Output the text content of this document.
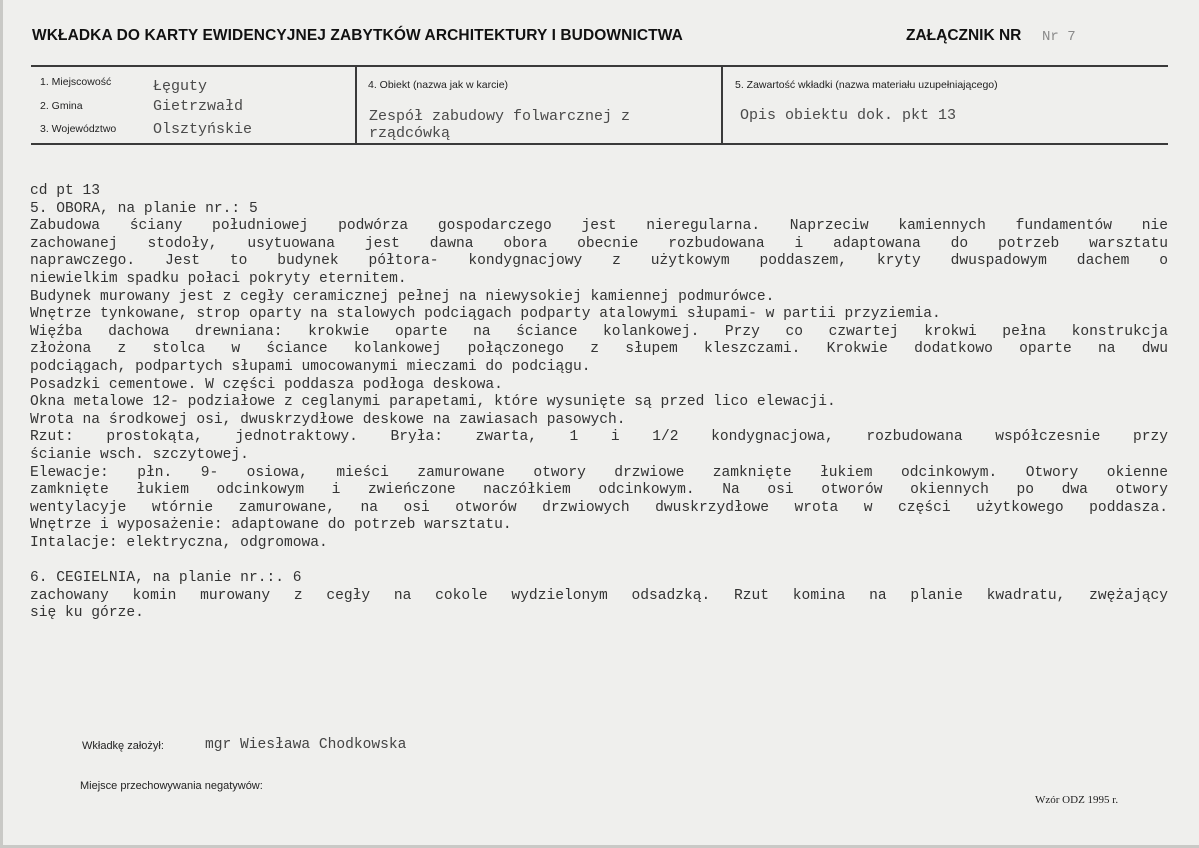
WKŁADKA DO KARTY EWIDENCYJNEJ ZABYTKÓW ARCHITEKTURY I BUDOWNICTWA	ZAŁĄCZNIK NR Nr 7
1. Miejscowość	Łęguty
2. Gmina	Gietrzwałd
3. Województwo Olsztyńskie
4. Obiekt (nazwa jak w karcie)
Zespół zabudowy folwarcznej z
rządcówką
5. Zawartość wkładki (nazwa materiału uzupełniającego)
Opis obiektu dok. pkt 13
cd pt 13
5. OBORA, na planie nr.: 5
Zabudowa ściany południowej podwórza gospodarczego jest nieregularna. Naprzeciw kamiennych fundamentów nie
zachowanej stodoły, usytuowana jest dawna obora obecnie rozbudowana i adaptowana do potrzeb warsztatu
naprawczego. Jest to budynek półtora- kondygnacjowy z użytkowym poddaszem, kryty dwuspadowym dachem o
niewielkim spadku połaci pokryty eternitem.
Budynek murowany jest z cegły ceramicznej pełnej na niewysokiej kamiennej podmurówce.
Wnętrze tynkowane, strop oparty na stalowych podciągach podparty atalowymi słupami- w partii przyziemia.
Więźba dachowa drewniana: krokwie oparte na ściance kolankowej. Przy co czwartej krokwi pełna konstrukcja
złożona z stolca w ściance kolankowej połączonego z słupem kleszczami. Krokwie dodatkowo oparte na dwu
podciągach, podpartych słupami umocowanymi mieczami do podciągu.
Posadzki cementowe. W części poddasza podłoga deskowa.
Okna metalowe 12- podziałowe z ceglanymi parapetami, które wysunięte są przed lico elewacji.
Wrota na środkowej osi, dwuskrzydłowe deskowe na zawiasach pasowych.
Rzut: prostokąta, jednotraktowy. Bryła: zwarta, 1 i 1/2 kondygnacjowa, rozbudowana współczesnie przy
ścianie wsch. szczytowej.
Elewacje: płn. 9- osiowa, mieści zamurowane otwory drzwiowe zamknięte łukiem odcinkowym. Otwory okienne
zamknięte łukiem odcinkowym i zwieńczone naczółkiem odcinkowym. Na osi otworów okiennych po dwa otwory
wentylacyje wtórnie zamurowane, na osi otworów drzwiowych dwuskrzydłowe wrota w części użytkowego poddasza.
Wnętrze i wyposażenie: adaptowane do potrzeb warsztatu.
Intalacje: elektryczna, odgromowa.
6. CEGIELNIA, na planie nr.:. 6
zachowany komin murowany z cegły na cokole wydzielonym odsadzką. Rzut komina na planie kwadratu, zwężający
się ku górze.
Wkładkę założył:	mgr Wiesława Chodkowska
Miejsce przechowywania negatywów:
Wzór ODZ 1995 r.
